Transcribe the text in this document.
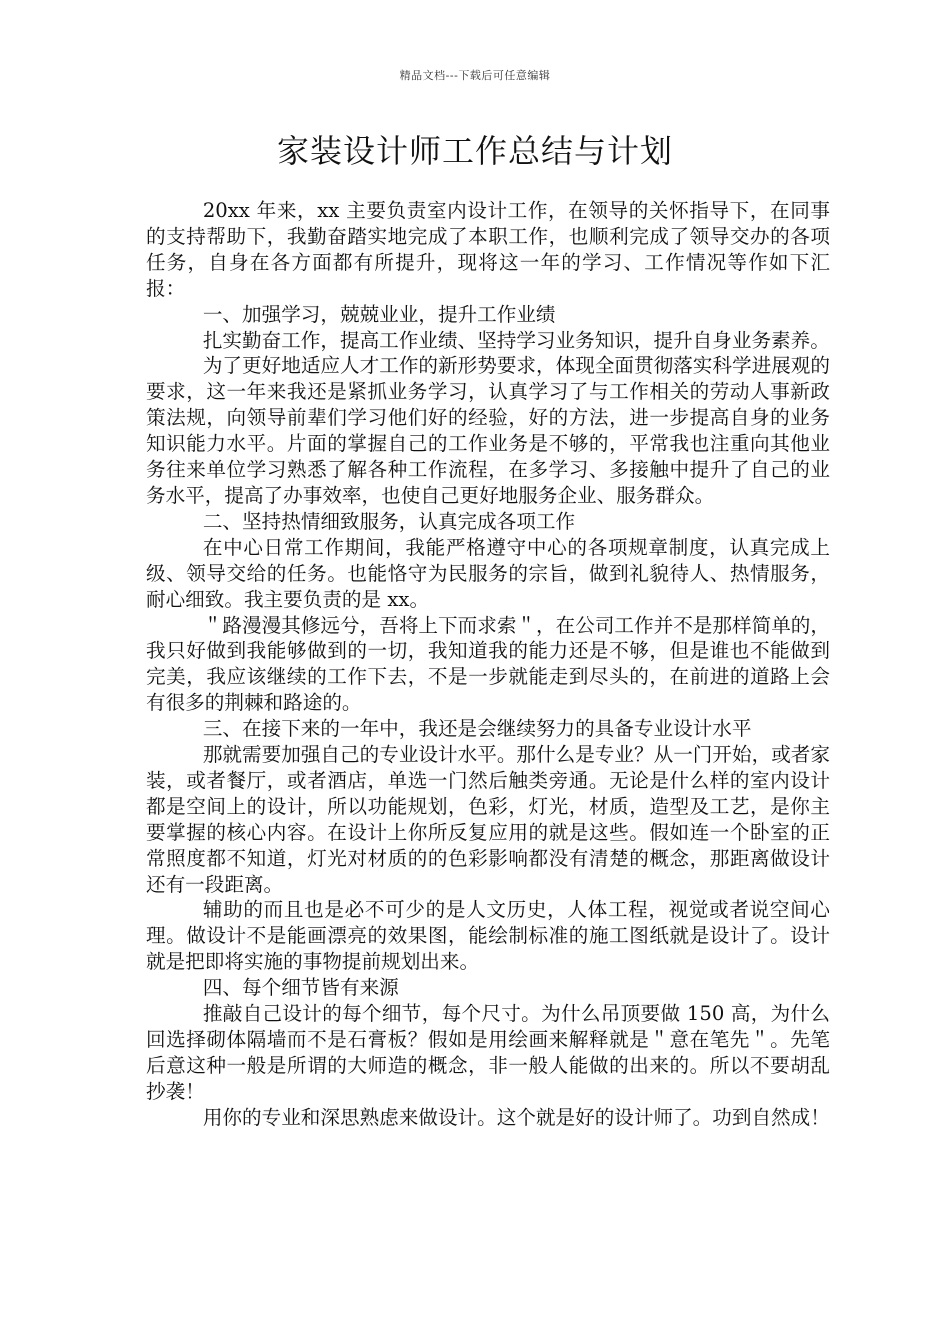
精品文档---下载后可任意编辑
家装设计师工作总结与计划

20xx 年来，xx 主要负责室内设计工作，在领导的关怀指导下，在同事的支持帮助下，我勤奋踏实地完成了本职工作，也顺利完成了领导交办的各项任务，自身在各方面都有所提升，现将这一年的学习、工作情况等作如下汇报：

一、加强学习，兢兢业业，提升工作业绩

扎实勤奋工作，提高工作业绩、坚持学习业务知识，提升自身业务素养。

为了更好地适应人才工作的新形势要求，体现全面贯彻落实科学进展观的要求，这一年来我还是紧抓业务学习，认真学习了与工作相关的劳动人事新政策法规，向领导前辈们学习他们好的经验，好的方法，进一步提高自身的业务知识能力水平。片面的掌握自己的工作业务是不够的，平常我也注重向其他业务往来单位学习熟悉了解各种工作流程，在多学习、多接触中提升了自己的业务水平，提高了办事效率，也使自己更好地服务企业、服务群众。

二、坚持热情细致服务，认真完成各项工作

在中心日常工作期间，我能严格遵守中心的各项规章制度，认真完成上级、领导交给的任务。也能恪守为民服务的宗旨，做到礼貌待人、热情服务，耐心细致。我主要负责的是 xx。

＂路漫漫其修远兮，吾将上下而求索＂，在公司工作并不是那样简单的，我只好做到我能够做到的一切，我知道我的能力还是不够，但是谁也不能做到完美，我应该继续的工作下去，不是一步就能走到尽头的，在前进的道路上会有很多的荆棘和路途的。

三、在接下来的一年中，我还是会继续努力的具备专业设计水平

那就需要加强自己的专业设计水平。那什么是专业？从一门开始，或者家装，或者餐厅，或者酒店，单选一门然后触类旁通。无论是什么样的室内设计都是空间上的设计，所以功能规划，色彩，灯光，材质，造型及工艺，是你主要掌握的核心内容。在设计上你所反复应用的就是这些。假如连一个卧室的正常照度都不知道，灯光对材质的的色彩影响都没有清楚的概念，那距离做设计还有一段距离。

辅助的而且也是必不可少的是人文历史，人体工程，视觉或者说空间心理。做设计不是能画漂亮的效果图，能绘制标准的施工图纸就是设计了。设计就是把即将实施的事物提前规划出来。

四、每个细节皆有来源

推敲自己设计的每个细节，每个尺寸。为什么吊顶要做 150 高，为什么回选择砌体隔墙而不是石膏板？假如是用绘画来解释就是＂意在笔先＂。先笔后意这种一般是所谓的大师造的概念，非一般人能做的出来的。所以不要胡乱抄袭！

用你的专业和深思熟虑来做设计。这个就是好的设计师了。功到自然成！
